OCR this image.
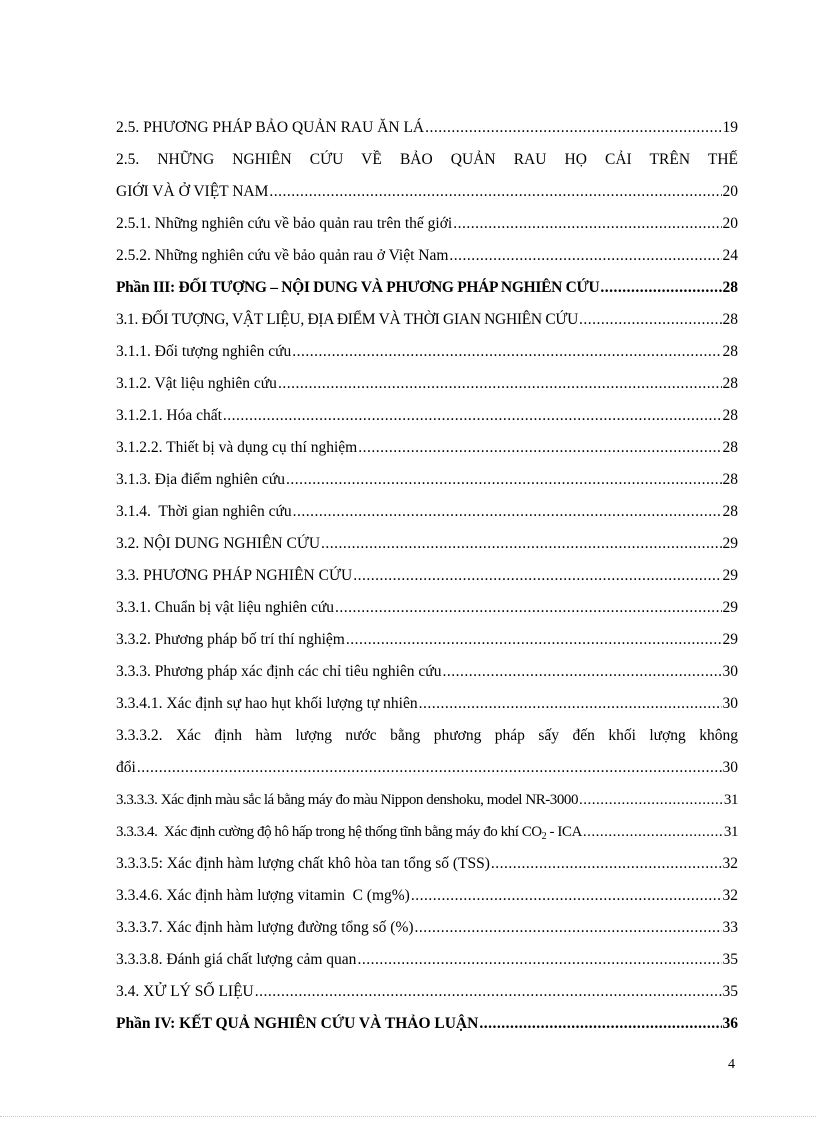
2.5. PHƯƠNG PHÁP BẢO QUẢN RAU ĂN LÁ .....	19
2.5. NHỮNG NGHIÊN CỨU VỀ BẢO QUẢN RAU HỌ CẢI TRÊN THẾ
GIỚI VÀ Ở VIỆT NAM .....	20
2.5.1. Những nghiên cứu về bảo quản rau trên thế giới .....	20
2.5.2. Những nghiên cứu về bảo quản rau ở Việt Nam .....	24
Phần III: ĐỐI TƯỢNG – NỘI DUNG VÀ PHƯƠNG PHÁP NGHIÊN CỨU .....	28
3.1. ĐỐI TƯỢNG, VẬT LIỆU, ĐỊA ĐIỂM VÀ THỜI GIAN NGHIÊN CỨU .....	28
3.1.1. Đối tượng nghiên cứu .....	28
3.1.2. Vật liệu nghiên cứu .....	28
3.1.2.1. Hóa chất .....	28
3.1.2.2. Thiết bị và dụng cụ thí nghiệm .....	28
3.1.3. Địa điểm nghiên cứu .....	28
3.1.4.  Thời gian nghiên cứu .....	28
3.2. NỘI DUNG NGHIÊN CỨU .....	29
3.3. PHƯƠNG PHÁP NGHIÊN CỨU .....	29
3.3.1. Chuẩn bị vật liệu nghiên cứu .....	29
3.3.2. Phương pháp bố trí thí nghiệm .....	29
3.3.3. Phương pháp xác định các chỉ tiêu nghiên cứu .....	30
3.3.4.1. Xác định sự hao hụt khối lượng tự nhiên .....	30
3.3.3.2. Xác định hàm lượng nước bằng phương pháp sấy đến khối lượng không
đổi .....	30
3.3.3.3. Xác định màu sắc lá bằng máy đo màu Nippon denshoku, model NR-3000 .....	31
3.3.3.4.  Xác định cường độ hô hấp trong hệ thống tĩnh bằng máy đo khí $CO_2$ - ICA .....	31
3.3.3.5: Xác định hàm lượng chất khô hòa tan tổng số (TSS) .....	32
3.3.4.6. Xác định hàm lượng vitamin  C (mg%) .....	32
3.3.3.7. Xác định hàm lượng đường tổng số (%) .....	33
3.3.3.8. Đánh giá chất lượng cảm quan .....	35
3.4. XỬ LÝ SỐ LIỆU .....	35
Phần IV: KẾT QUẢ NGHIÊN CỨU VÀ THẢO LUẬN .....	36
4
